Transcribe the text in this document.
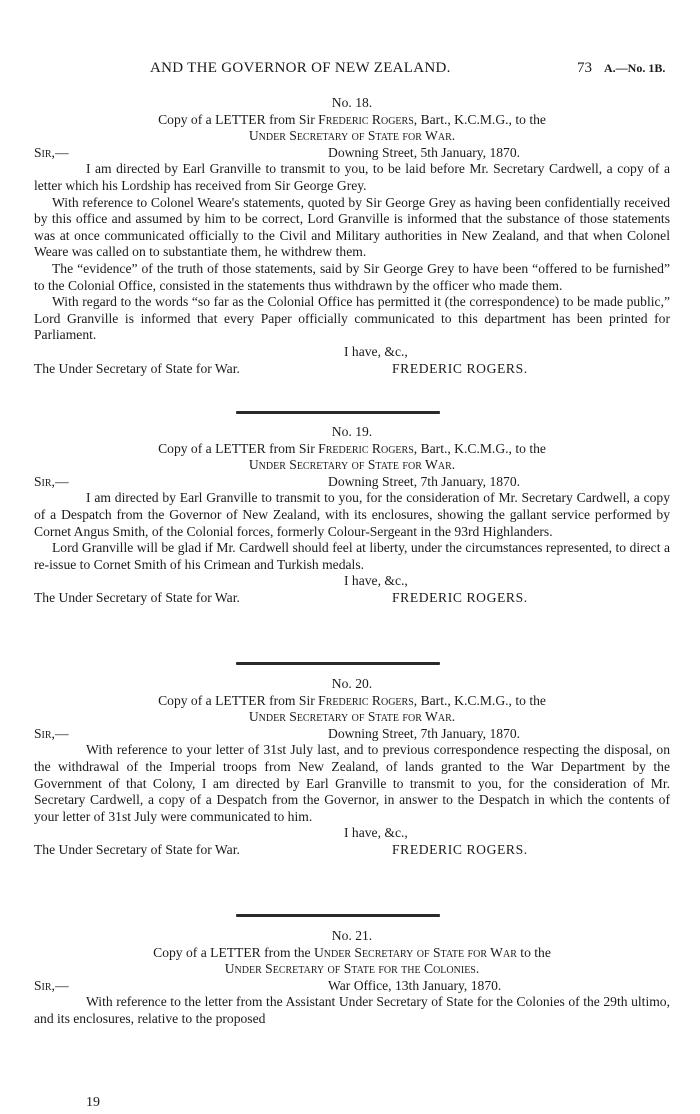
AND THE GOVERNOR OF NEW ZEALAND.	73 A.—No. 1B.
No. 18.
Copy of a LETTER from Sir Frederic Rogers, Bart., K.C.M.G., to the
Under Secretary of State for War.
Sir,—	Downing Street, 5th January, 1870.

I am directed by Earl Granville to transmit to you, to be laid before Mr. Secretary Cardwell, a copy of a letter which his Lordship has received from Sir George Grey.

With reference to Colonel Weare's statements, quoted by Sir George Grey as having been confidentially received by this office and assumed by him to be correct, Lord Granville is informed that the substance of those statements was at once communicated officially to the Civil and Military authorities in New Zealand, and that when Colonel Weare was called on to substantiate them, he withdrew them.

The “evidence” of the truth of those statements, said by Sir George Grey to have been “offered to be furnished” to the Colonial Office, consisted in the statements thus withdrawn by the officer who made them.

With regard to the words “so far as the Colonial Office has permitted it (the correspondence) to be made public,” Lord Granville is informed that every Paper officially communicated to this department has been printed for Parliament.

I have, &c.,
The Under Secretary of State for War.	FREDERIC ROGERS.
No. 19.
Copy of a LETTER from Sir Frederic Rogers, Bart., K.C.M.G., to the
Under Secretary of State for War.
Sir,—	Downing Street, 7th January, 1870.

I am directed by Earl Granville to transmit to you, for the consideration of Mr. Secretary Cardwell, a copy of a Despatch from the Governor of New Zealand, with its enclosures, showing the gallant service performed by Cornet Angus Smith, of the Colonial forces, formerly Colour-Sergeant in the 93rd Highlanders.

Lord Granville will be glad if Mr. Cardwell should feel at liberty, under the circumstances represented, to direct a re-issue to Cornet Smith of his Crimean and Turkish medals.

I have, &c.,
The Under Secretary of State for War.	FREDERIC ROGERS.
No. 20.
Copy of a LETTER from Sir Frederic Rogers, Bart., K.C.M.G., to the
Under Secretary of State for War.
Sir,—	Downing Street, 7th January, 1870.

With reference to your letter of 31st July last, and to previous correspondence respecting the disposal, on the withdrawal of the Imperial troops from New Zealand, of lands granted to the War Department by the Government of that Colony, I am directed by Earl Granville to transmit to you, for the consideration of Mr. Secretary Cardwell, a copy of a Despatch from the Governor, in answer to the Despatch in which the contents of your letter of 31st July were communicated to him.

I have, &c.,
The Under Secretary of State for War.	FREDERIC ROGERS.
No. 21.
Copy of a LETTER from the Under Secretary of State for War to the
Under Secretary of State for the Colonies.
Sir,—	War Office, 13th January, 1870.

With reference to the letter from the Assistant Under Secretary of State for the Colonies of the 29th ultimo, and its enclosures, relative to the proposed

19
